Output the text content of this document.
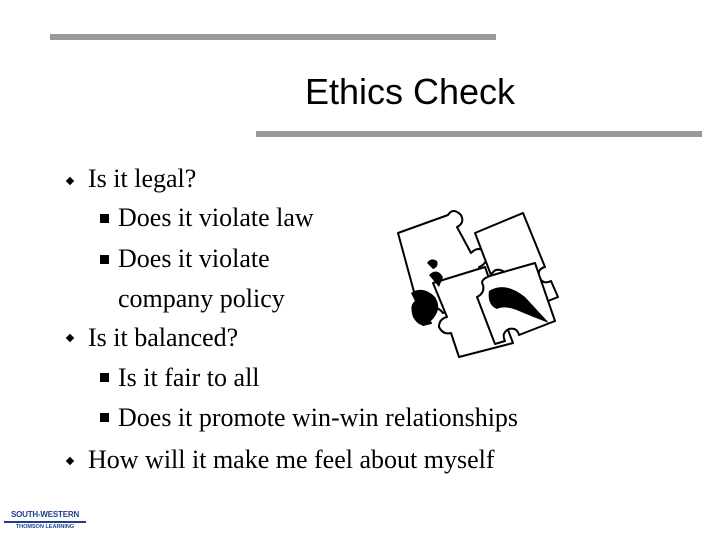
Ethics Check
Is it legal?
Does it violate law
Does it violate
company policy
Is it balanced?
Is it fair to all
Does it promote win-win relationships
How will it make me feel about myself
SOUTH-WESTERN
THOMSON LEARNING
